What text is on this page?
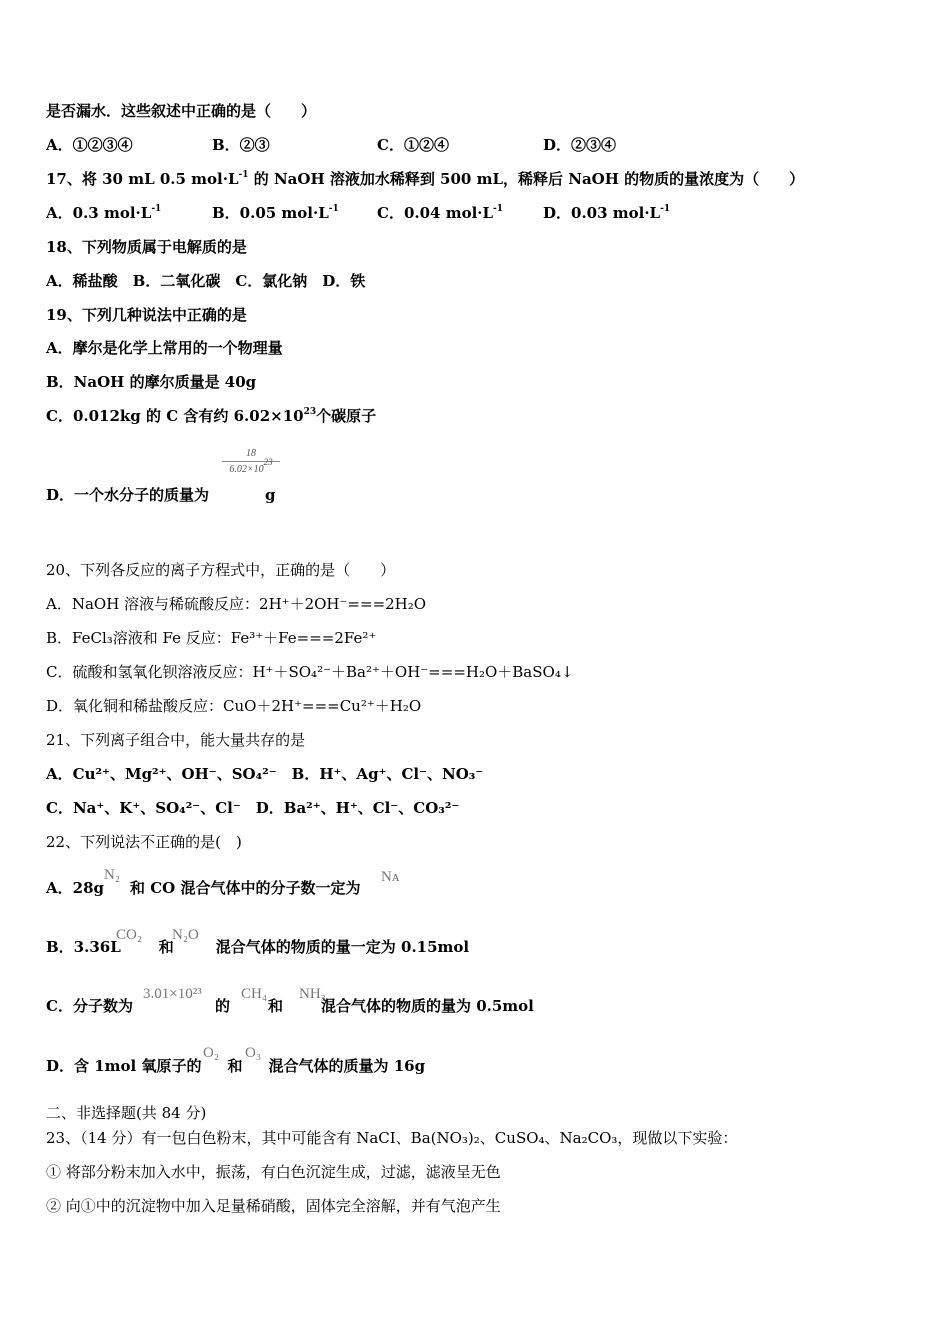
是否漏水．这些叙述中正确的是（　　）
A．①②③④	B．②③	C．①②④	D．②③④
17、将 30 mL 0.5 $mol\cdot L^{-1}$ 的 NaOH 溶液加水稀释到 500 mL，稀释后 NaOH 的物质的量浓度为（　　）
A．0.3 $mol\cdot L^{-1}$	B．0.05 $mol\cdot L^{-1}$	C．0.04 $mol\cdot L^{-1}$	D．0.03 $mol\cdot L^{-1}$
18、下列物质属于电解质的是
A．稀盐酸　B．二氧化碳　C．氯化钠　D．铁
19、下列几种说法中正确的是
A．摩尔是化学上常用的一个物理量
B．NaOH 的摩尔质量是 40g
C．0.012kg 的 C 含有约 $6.02\times 10^{23}$个碳原子
$\frac{18}{6.02\times 10^{23}}$
D．一个水分子的质量为	g
20、下列各反应的离子方程式中，正确的是（　　）
A．NaOH 溶液与稀硫酸反应：2H⁺＋2OH⁻===2H₂O
B．FeCl₃溶液和 Fe 反应：Fe³⁺＋Fe===2Fe²⁺
C．硫酸和氢氧化钡溶液反应：H⁺＋SO₄²⁻＋Ba²⁺＋OH⁻===H₂O＋BaSO₄↓
D．氧化铜和稀盐酸反应：CuO＋2H⁺===Cu²⁺＋H₂O
21、下列离子组合中，能大量共存的是
A．Cu²⁺、Mg²⁺、OH⁻、SO₄²⁻　B．H⁺、Ag⁺、Cl⁻、NO₃⁻
C．Na⁺、K⁺、SO₄²⁻、Cl⁻　D．Ba²⁺、H⁺、Cl⁻、CO₃²⁻
22、下列说法不正确的是(　)
A．28g 和 CO 混合气体中的分子数一定为
N₂	Nᴀ
B．3.36L	和	混合气体的物质的量一定为 0.15mol
CO₂ N₂O
C．分子数为	的	和	混合气体的物质的量为 0.5mol
3.01×10²³	CH₄ NH₃
D．含 1mol 氧原子的 和 混合气体的质量为 16g
O₂ O₃
二、非选择题(共 84 分)
23、（14 分）有一包白色粉末，其中可能含有 NaCI、Ba(NO₃)₂、CuSO₄、Na₂CO₃，现做以下实验：
① 将部分粉末加入水中，振荡，有白色沉淀生成，过滤，滤液呈无色
② 向①中的沉淀物中加入足量稀硝酸，固体完全溶解，并有气泡产生
